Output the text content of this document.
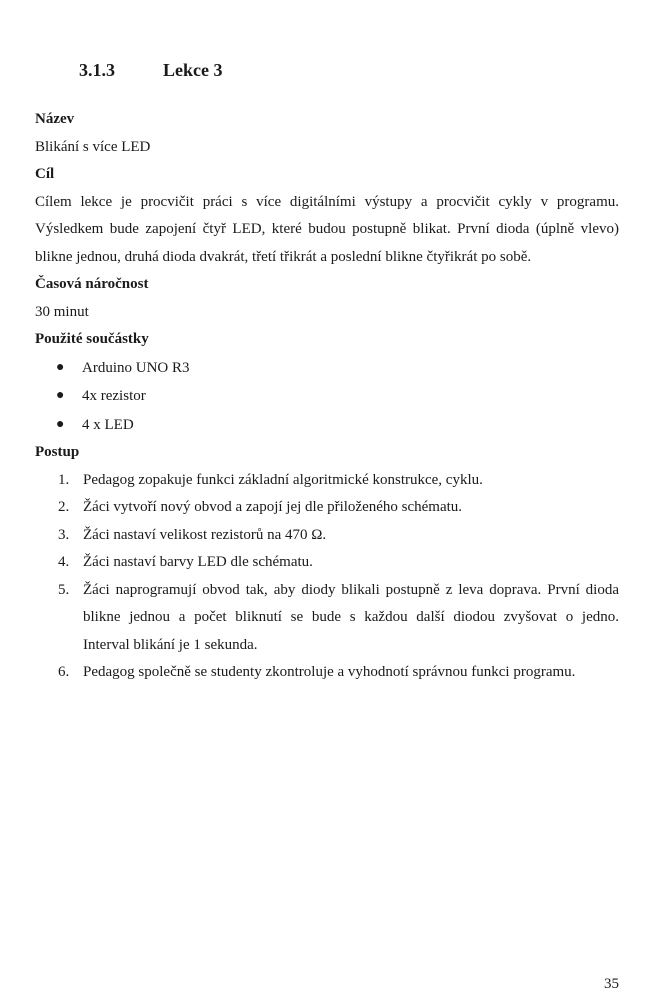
3.1.3	Lekce 3
Název
Blikání s více LED
Cíl
Cílem lekce je procvičit práci s více digitálními výstupy a procvičit cykly v programu.
Výsledkem bude zapojení čtyř LED, které budou postupně blikat. První dioda (úplně vlevo)
blikne jednou, druhá dioda dvakrát, třetí třikrát a poslední blikne čtyřikrát po sobě.
Časová náročnost
30 minut
Použité součástky
● Arduino UNO R3
● 4x rezistor
● 4 x LED
Postup
1. Pedagog zopakuje funkci základní algoritmické konstrukce, cyklu.
2. Žáci vytvoří nový obvod a zapojí jej dle přiloženého schématu.
3. Žáci nastaví velikost rezistorů na 470 Ω.
4. Žáci nastaví barvy LED dle schématu.
5. Žáci naprogramují obvod tak, aby diody blikali postupně z leva doprava. První dioda
blikne jednou a počet bliknutí se bude s každou další diodou zvyšovat o jedno.
Interval blikání je 1 sekunda.
6. Pedagog společně se studenty zkontroluje a vyhodnotí správnou funkci programu.
35
